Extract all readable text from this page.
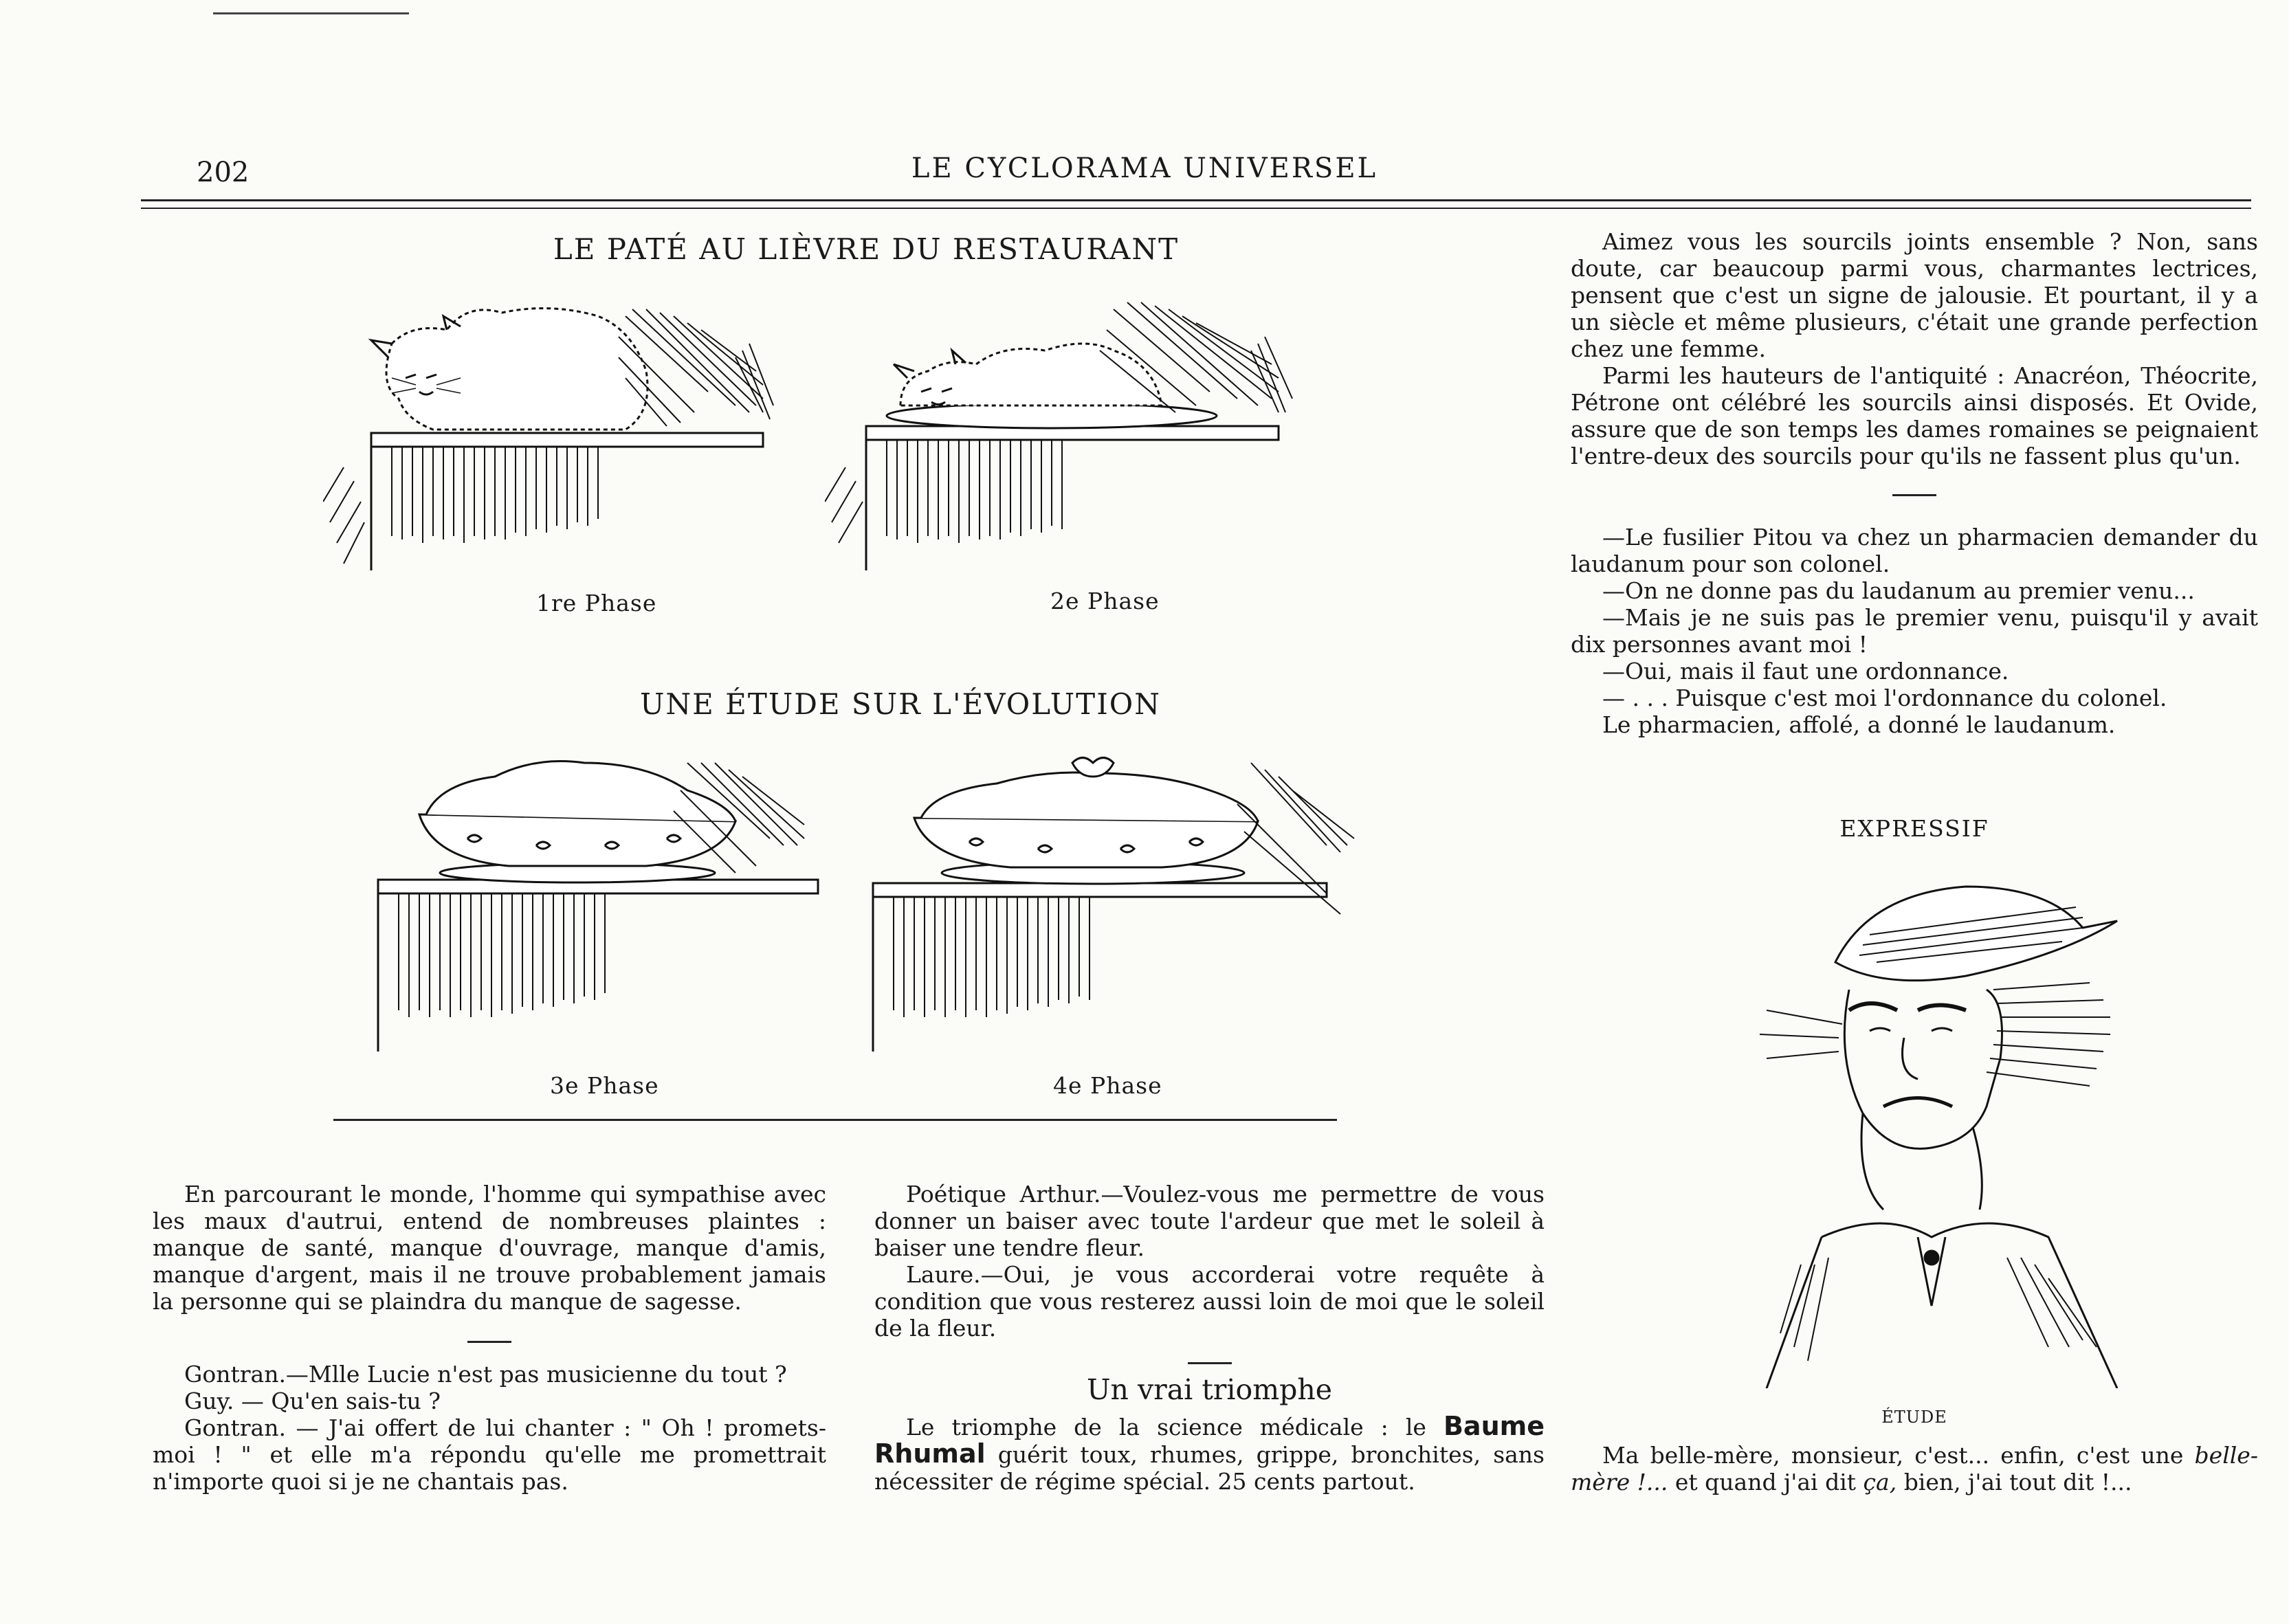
202	LE CYCLORAMA UNIVERSEL
LE PATÉ AU LIÈVRE DU RESTAURANT
1re Phase	2e Phase
UNE ÉTUDE SUR L'ÉVOLUTION
3e Phase	4e Phase

En parcourant le monde, l'homme qui sympathise avec les maux d'autrui, entend de nombreuses plaintes : manque de santé, manque d'ouvrage, manque d'amis, manque d'argent, mais il ne trouve probablement jamais la personne qui se plaindra du manque de sagesse.

Gontran.—Mlle Lucie n'est pas musicienne du tout ?

Guy. — Qu'en sais-tu ?

Gontran. — J'ai offert de lui chanter : " Oh ! promets-moi ! " et elle m'a répondu qu'elle me promettrait n'importe quoi si je ne chantais pas.

Poétique Arthur.—Voulez-vous me permettre de vous donner un baiser avec toute l'ardeur que met le soleil à baiser une tendre fleur.

Laure.—Oui, je vous accorderai votre requête à condition que vous resterez aussi loin de moi que le soleil de la fleur.

Un vrai triomphe

Le triomphe de la science médicale : le Baume Rhumal guérit toux, rhumes, grippe, bronchites, sans nécessiter de régime spécial. 25 cents partout.

Aimez vous les sourcils joints ensemble ? Non, sans doute, car beaucoup parmi vous, charmantes lectrices, pensent que c'est un signe de jalousie. Et pourtant, il y a un siècle et même plusieurs, c'était une grande perfection chez une femme.

Parmi les hauteurs de l'antiquité : Anacréon, Théocrite, Pétrone ont célébré les sourcils ainsi disposés. Et Ovide, assure que de son temps les dames romaines se peignaient l'entre-deux des sourcils pour qu'ils ne fassent plus qu'un.

—Le fusilier Pitou va chez un pharmacien demander du laudanum pour son colonel.

—On ne donne pas du laudanum au premier venu...

—Mais je ne suis pas le premier venu, puisqu'il y avait dix personnes avant moi !

—Oui, mais il faut une ordonnance.

— . . . Puisque c'est moi l'ordonnance du colonel.

Le pharmacien, affolé, a donné le laudanum.

EXPRESSIF
ÉTUDE

Ma belle-mère, monsieur, c'est... enfin, c'est une belle-mère !... et quand j'ai dit ça, bien, j'ai tout dit !...
